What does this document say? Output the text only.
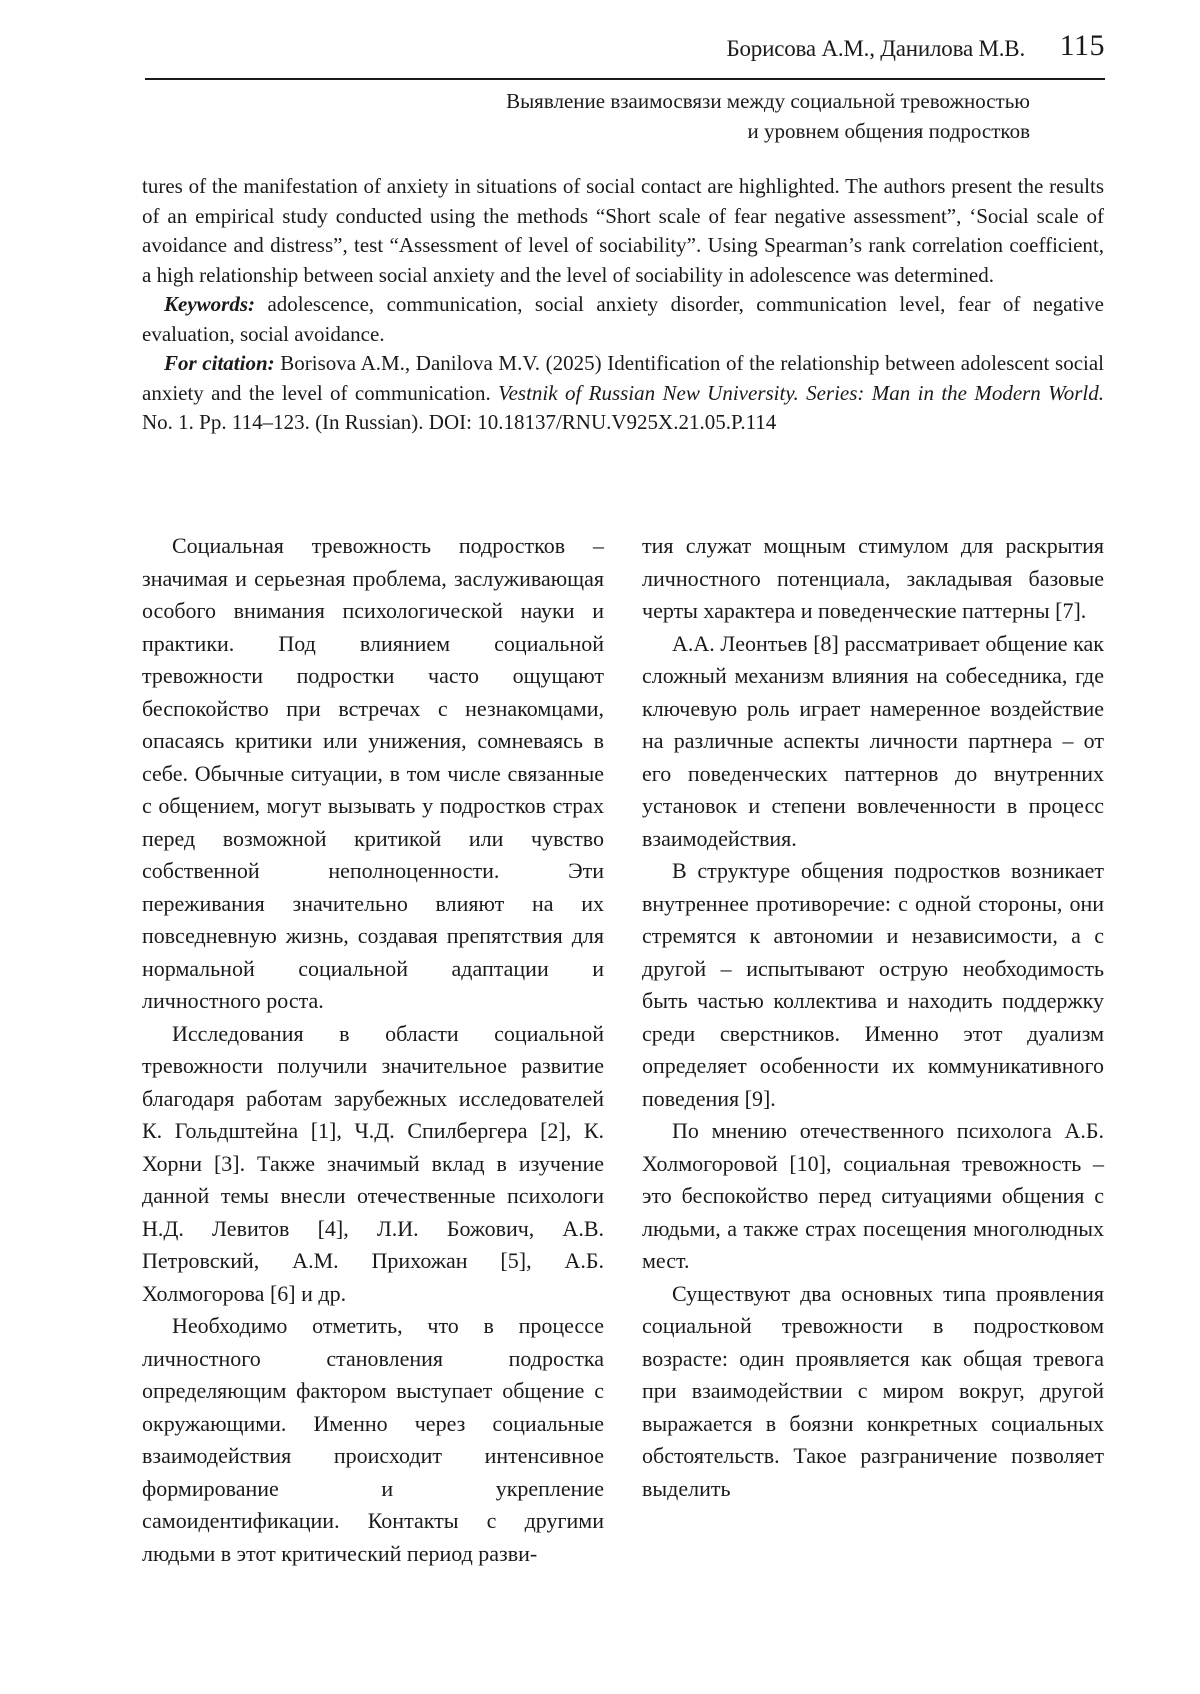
Борисова А.М., Данилова М.В. 115
Выявление взаимосвязи между социальной тревожностью
и уровнем общения подростков

tures of the manifestation of anxiety in situations of social contact are highlighted. The authors present the results of an empirical study conducted using the methods “Short scale of fear negative assessment”, ‘Social scale of avoidance and distress”, test “Assessment of level of sociability”. Using Spearman’s rank correlation coefficient, a high relationship between social anxiety and the level of sociability in adolescence was determined.

Keywords: adolescence, communication, social anxiety disorder, communication level, fear of negative evaluation, social avoidance.

For citation: Borisova A.M., Danilova M.V. (2025) Identification of the relationship between adolescent social anxiety and the level of communication. Vestnik of Russian New University. Series: Man in the Modern World. No. 1. Pp. 114–123. (In Russian). DOI: 10.18137/RNU.V925X.21.05.P.114

Социальная тревожность подростков – значимая и серьезная проблема, заслуживающая особого внимания психологической науки и практики. Под влиянием социальной тревожности подростки часто ощущают беспокойство при встречах с незнакомцами, опасаясь критики или унижения, сомневаясь в себе. Обычные ситуации, в том числе связанные с общением, могут вызывать у подростков страх перед возможной критикой или чувство собственной неполноценности. Эти переживания значительно влияют на их повседневную жизнь, создавая препятствия для нормальной социальной адаптации и личностного роста.

Исследования в области социальной тревожности получили значительное развитие благодаря работам зарубежных исследователей К. Гольдштейна [1], Ч.Д. Спилбергера [2], К. Хорни [3]. Также значимый вклад в изучение данной темы внесли отечественные психологи Н.Д. Левитов [4], Л.И. Божович, А.В. Петровский, А.М. Прихожан [5], А.Б. Холмогорова [6] и др.

Необходимо отметить, что в процессе личностного становления подростка определяющим фактором выступает общение с окружающими. Именно через социальные взаимодействия происходит интенсивное формирование и укрепление самоидентификации. Контакты с другими людьми в этот критический период разви-

тия служат мощным стимулом для раскрытия личностного потенциала, закладывая базовые черты характера и поведенческие паттерны [7].

А.А. Леонтьев [8] рассматривает общение как сложный механизм влияния на собеседника, где ключевую роль играет намеренное воздействие на различные аспекты личности партнера – от его поведенческих паттернов до внутренних установок и степени вовлеченности в процесс взаимодействия.

В структуре общения подростков возникает внутреннее противоречие: с одной стороны, они стремятся к автономии и независимости, а с другой – испытывают острую необходимость быть частью коллектива и находить поддержку среди сверстников. Именно этот дуализм определяет особенности их коммуникативного поведения [9].

По мнению отечественного психолога А.Б. Холмогоровой [10], социальная тревожность – это беспокойство перед ситуациями общения с людьми, а также страх посещения многолюдных мест.

Существуют два основных типа проявления социальной тревожности в подростковом возрасте: один проявляется как общая тревога при взаимодействии с миром вокруг, другой выражается в боязни конкретных социальных обстоятельств. Такое разграничение позволяет выделить
